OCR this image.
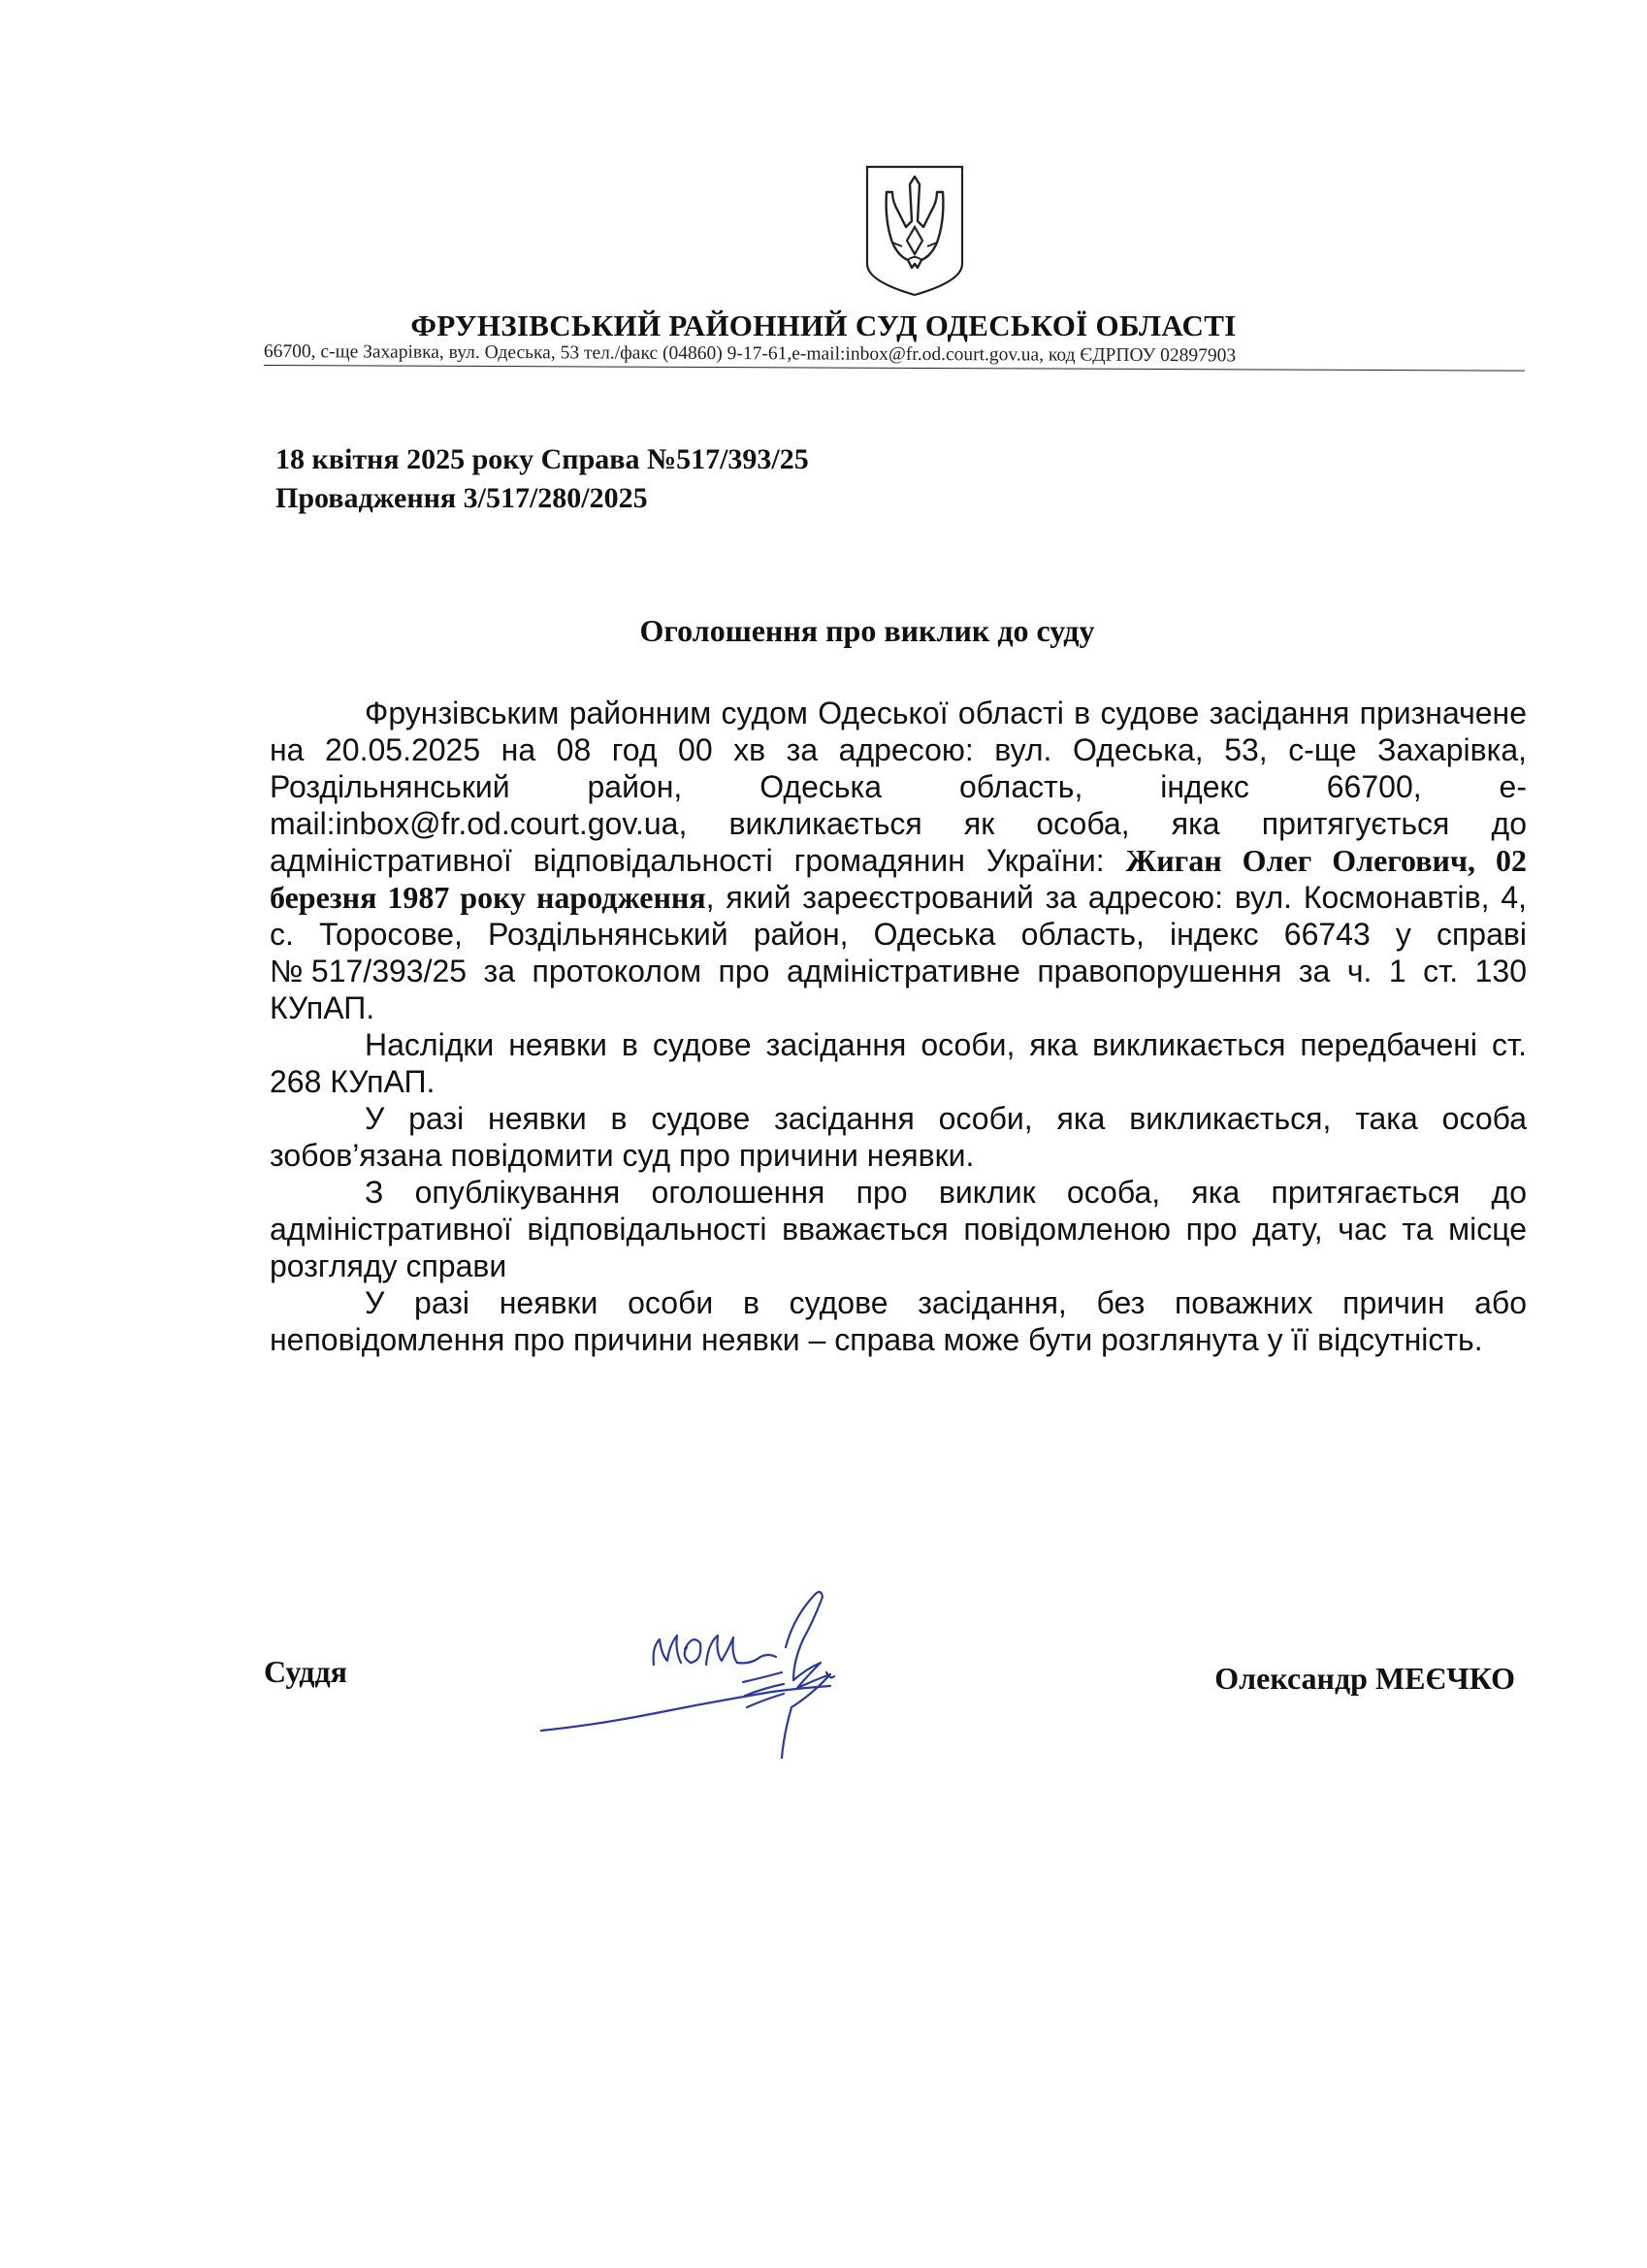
ФРУНЗІВСЬКИЙ РАЙОННИЙ СУД ОДЕСЬКОЇ ОБЛАСТІ
66700, с-ще Захарівка, вул. Одеська, 53 тел./факс (04860) 9-17-61,e-mail:inbox@fr.od.court.gov.ua, код ЄДРПОУ 02897903
18 квітня 2025 року Справа №517/393/25
Провадження 3/517/280/2025
Оголошення про виклик до суду

Фрунзівським районним судом Одеської області в судове засідання призначене на 20.05.2025 на 08 год 00 хв за адресою: вул. Одеська, 53, с-ще Захарівка, Роздільнянський район, Одеська область, індекс 66700, e-mail:inbox@fr.od.court.gov.ua, викликається як особа, яка притягується до адміністративної відповідальності громадянин України: Жиган Олег Олегович, 02 березня 1987 року народження, який зареєстрований за адресою: вул. Космонавтів, 4, с. Торосове, Роздільнянський район, Одеська область, індекс 66743 у справі №517/393/25 за протоколом про адміністративне правопорушення за ч. 1 ст. 130 КУпАП.

Наслідки неявки в судове засідання особи, яка викликається передбачені ст. 268 КУпАП.

У разі неявки в судове засідання особи, яка викликається, така особа зобов’язана повідомити суд про причини неявки.

З опублікування оголошення про виклик особа, яка притягається до адміністративної відповідальності вважається повідомленою про дату, час та місце розгляду справи

У разі неявки особи в судове засідання, без поважних причин або неповідомлення про причини неявки – справа може бути розглянута у її відсутність.

Суддя	Олександр МЕЄЧКО
